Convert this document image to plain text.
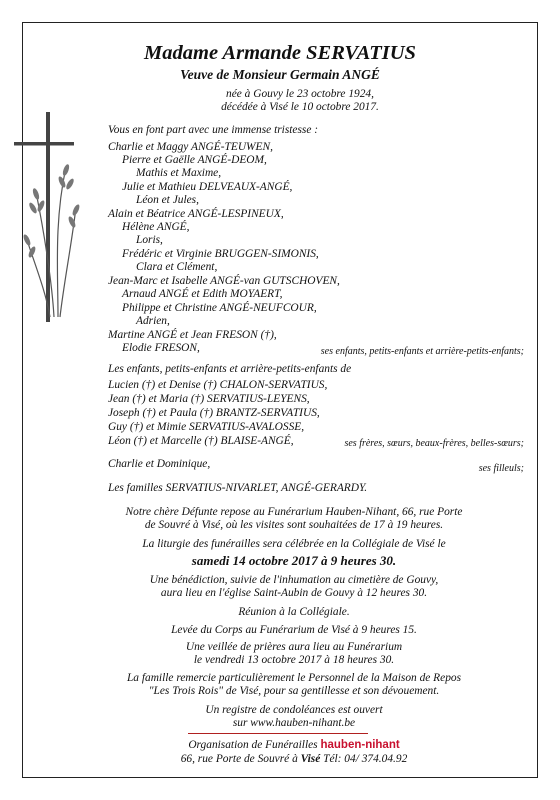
Madame Armande SERVATIUS
Veuve de Monsieur Germain ANGÉ
née à Gouvy le 23 octobre 1924,
décédée à Visé le 10 octobre 2017.
Vous en font part avec une immense tristesse :
Charlie et Maggy ANGÉ-TEUWEN,
Pierre et Gaëlle ANGÉ-DEOM,
Mathis et Maxime,
Julie et Mathieu DELVEAUX-ANGÉ,
Léon et Jules,
Alain et Béatrice ANGÉ-LESPINEUX,
Hélène ANGÉ,
Loris,
Frédéric et Virginie BRUGGEN-SIMONIS,
Clara et Clément,
Jean-Marc et Isabelle ANGÉ-van GUTSCHOVEN,
Arnaud ANGÉ et Edith MOYAERT,
Philippe et Christine ANGÉ-NEUFCOUR,
Adrien,
Martine ANGÉ et Jean FRESON (†),
Elodie FRESON,	ses enfants, petits-enfants et arrière-petits-enfants;
Les enfants, petits-enfants et arrière-petits-enfants de
Lucien (†) et Denise (†) CHALON-SERVATIUS,
Jean (†) et Maria (†) SERVATIUS-LEYENS,
Joseph (†) et Paula (†) BRANTZ-SERVATIUS,
Guy (†) et Mimie SERVATIUS-AVALOSSE,
Léon (†) et Marcelle (†) BLAISE-ANGÉ,	ses frères, sœurs, beaux-frères, belles-sœurs;
Charlie et Dominique,	ses filleuls;
Les familles SERVATIUS-NIVARLET, ANGÉ-GERARDY.
Notre chère Défunte repose au Funérarium Hauben-Nihant, 66, rue Porte
de Souvré à Visé, où les visites sont souhaitées de 17 à 19 heures.
La liturgie des funérailles sera célébrée en la Collégiale de Visé le
samedi 14 octobre 2017 à 9 heures 30.
Une bénédiction, suivie de l'inhumation au cimetière de Gouvy,
aura lieu en l'église Saint-Aubin de Gouvy à 12 heures 30.
Réunion à la Collégiale.
Levée du Corps au Funérarium de Visé à 9 heures 15.
Une veillée de prières aura lieu au Funérarium
le vendredi 13 octobre 2017 à 18 heures 30.
La famille remercie particulièrement le Personnel de la Maison de Repos
"Les Trois Rois" de Visé, pour sa gentillesse et son dévouement.
Un registre de condoléances est ouvert
sur www.hauben-nihant.be
Organisation de Funérailles hauben-nihant
66, rue Porte de Souvré à Visé Tél: 04/ 374.04.92
